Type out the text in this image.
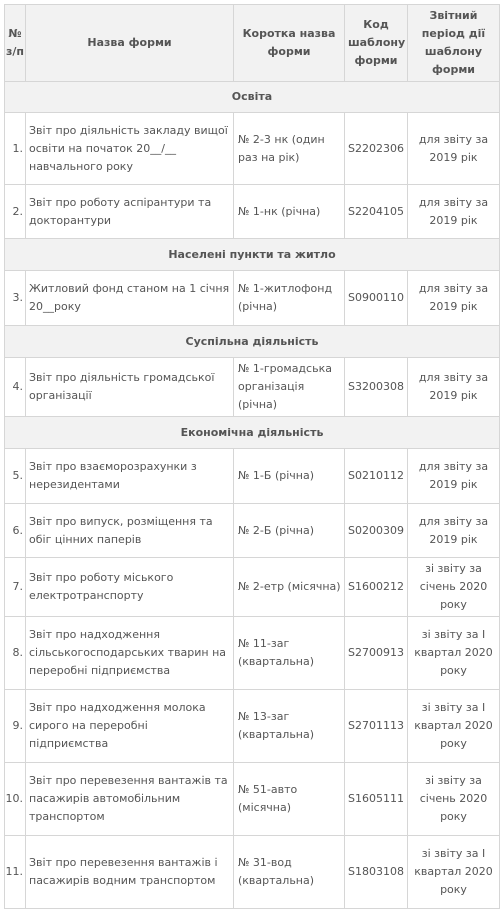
№ з/п	Назва форми	Коротка назва форми	Код шаблону форми	Звітний період дії шаблону форми
Освіта				
1.	Звіт про діяльність закладу вищої освіти на початок 20__/__ навчального року	№ 2-3 нк (один раз на рік)	S2202306	для звіту за 2019 рік
2.	Звіт про роботу аспірантури та докторантури	№ 1-нк (річна)	S2204105	для звіту за 2019 рік
Населені пункти та житло				
3.	Житловий фонд станом на 1 січня 20__року	№ 1-житлофонд (річна)	S0900110	для звіту за 2019 рік
Суспільна діяльність				
4.	Звіт про діяльність громадської організації	№ 1-громадська організація (річна)	S3200308	для звіту за 2019 рік
Економічна діяльність				
5.	Звіт про взаєморозрахунки з нерезидентами	№ 1-Б (річна)	S0210112	для звіту за 2019 рік
6.	Звіт про випуск, розміщення та обіг цінних паперів	№ 2-Б (річна)	S0200309	для звіту за 2019 рік
7.	Звіт про роботу міського електротранспорту	№ 2-етр (місячна)	S1600212	зі звіту за січень 2020 року
8.	Звіт про надходження сільськогосподарських тварин на переробні підприємства	№ 11-заг (квартальна)	S2700913	зі звіту за І квартал 2020 року
9.	Звіт про надходження молока сирого на переробні підприємства	№ 13-заг (квартальна)	S2701113	зі звіту за І квартал 2020 року
10.	Звіт про перевезення вантажів та пасажирів автомобільним транспортом	№ 51-авто (місячна)	S1605111	зі звіту за січень 2020 року
11.	Звіт про перевезення вантажів і пасажирів водним транспортом	№ 31-вод (квартальна)	S1803108	зі звіту за І квартал 2020 року
